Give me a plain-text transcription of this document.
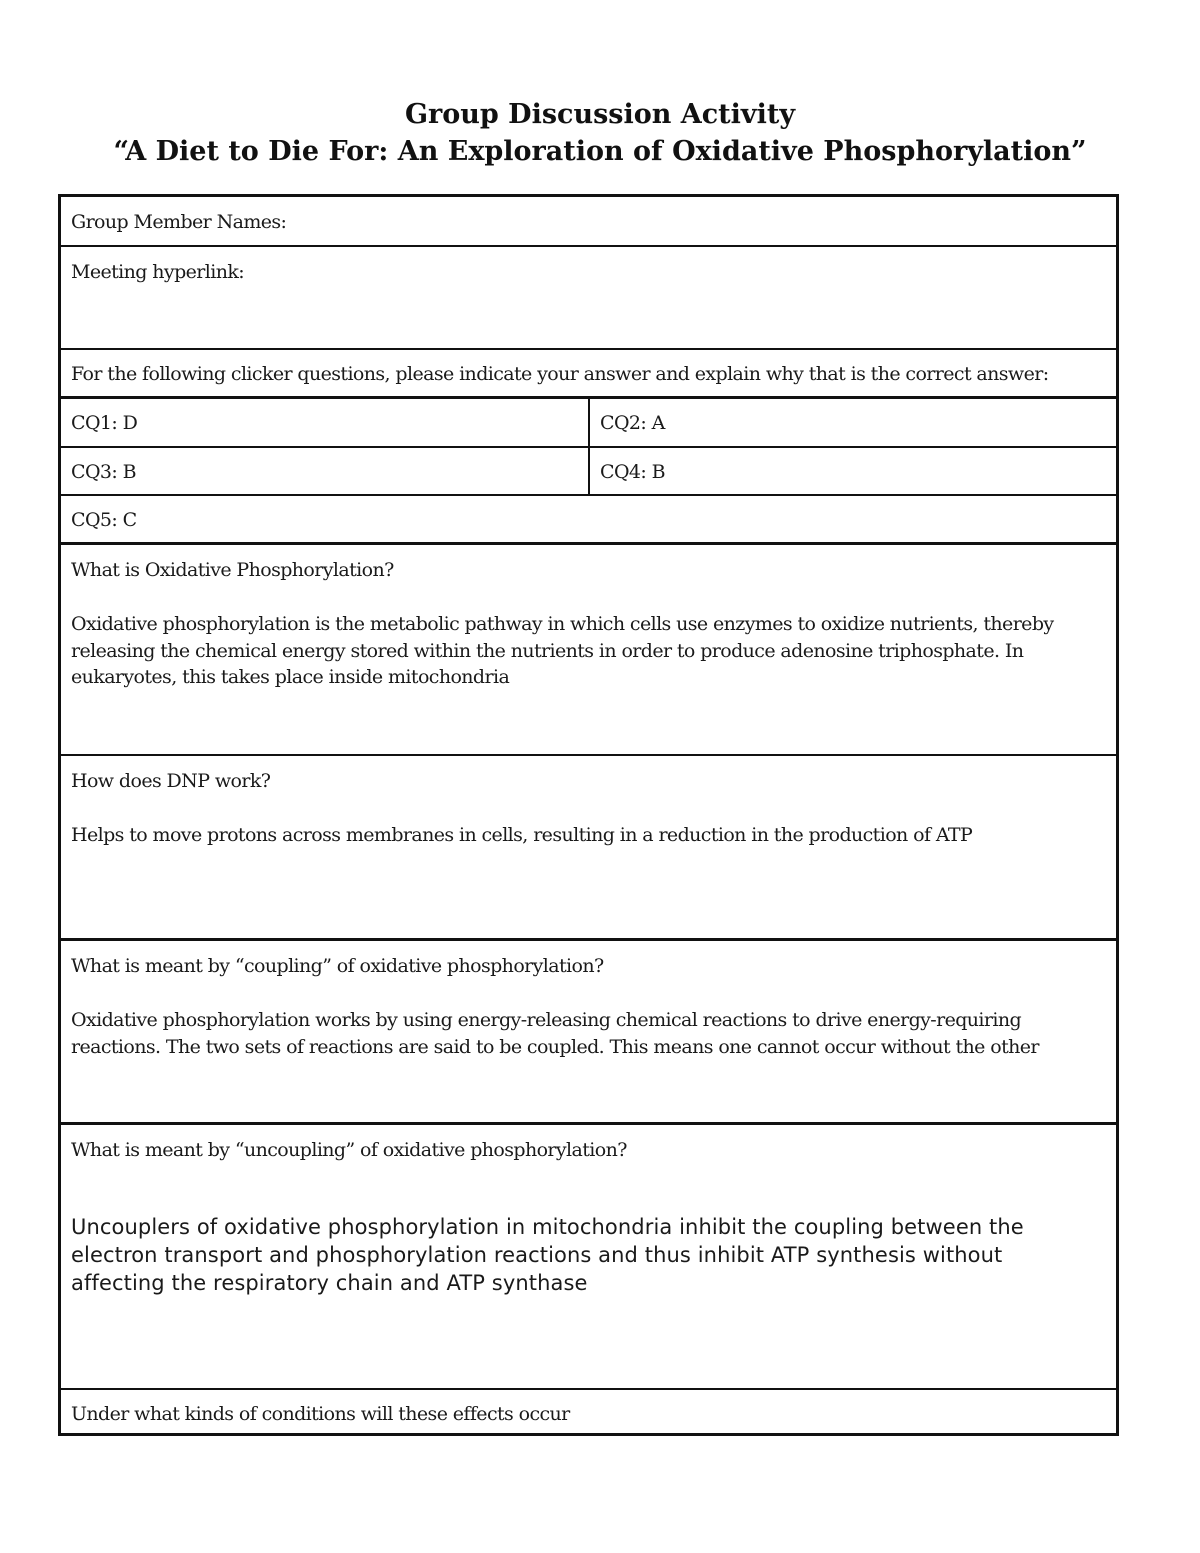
Group Discussion Activity
“A Diet to Die For: An Exploration of Oxidative Phosphorylation”
Group Member Names:
Meeting hyperlink:
For the following clicker questions, please indicate your answer and explain why that is the correct answer:
CQ1: D	CQ2: A
CQ3: B	CQ4: B
CQ5: C
What is Oxidative Phosphorylation?
Oxidative phosphorylation is the metabolic pathway in which cells use enzymes to oxidize nutrients, thereby releasing the chemical energy stored within the nutrients in order to produce adenosine triphosphate. In eukaryotes, this takes place inside mitochondria
How does DNP work?
Helps to move protons across membranes in cells, resulting in a reduction in the production of ATP
What is meant by “coupling” of oxidative phosphorylation?
Oxidative phosphorylation works by using energy-releasing chemical reactions to drive energy-requiring reactions. The two sets of reactions are said to be coupled. This means one cannot occur without the other
What is meant by “uncoupling” of oxidative phosphorylation?
Uncouplers of oxidative phosphorylation in mitochondria inhibit the coupling between the electron transport and phosphorylation reactions and thus inhibit ATP synthesis without affecting the respiratory chain and ATP synthase
Under what kinds of conditions will these effects occur
